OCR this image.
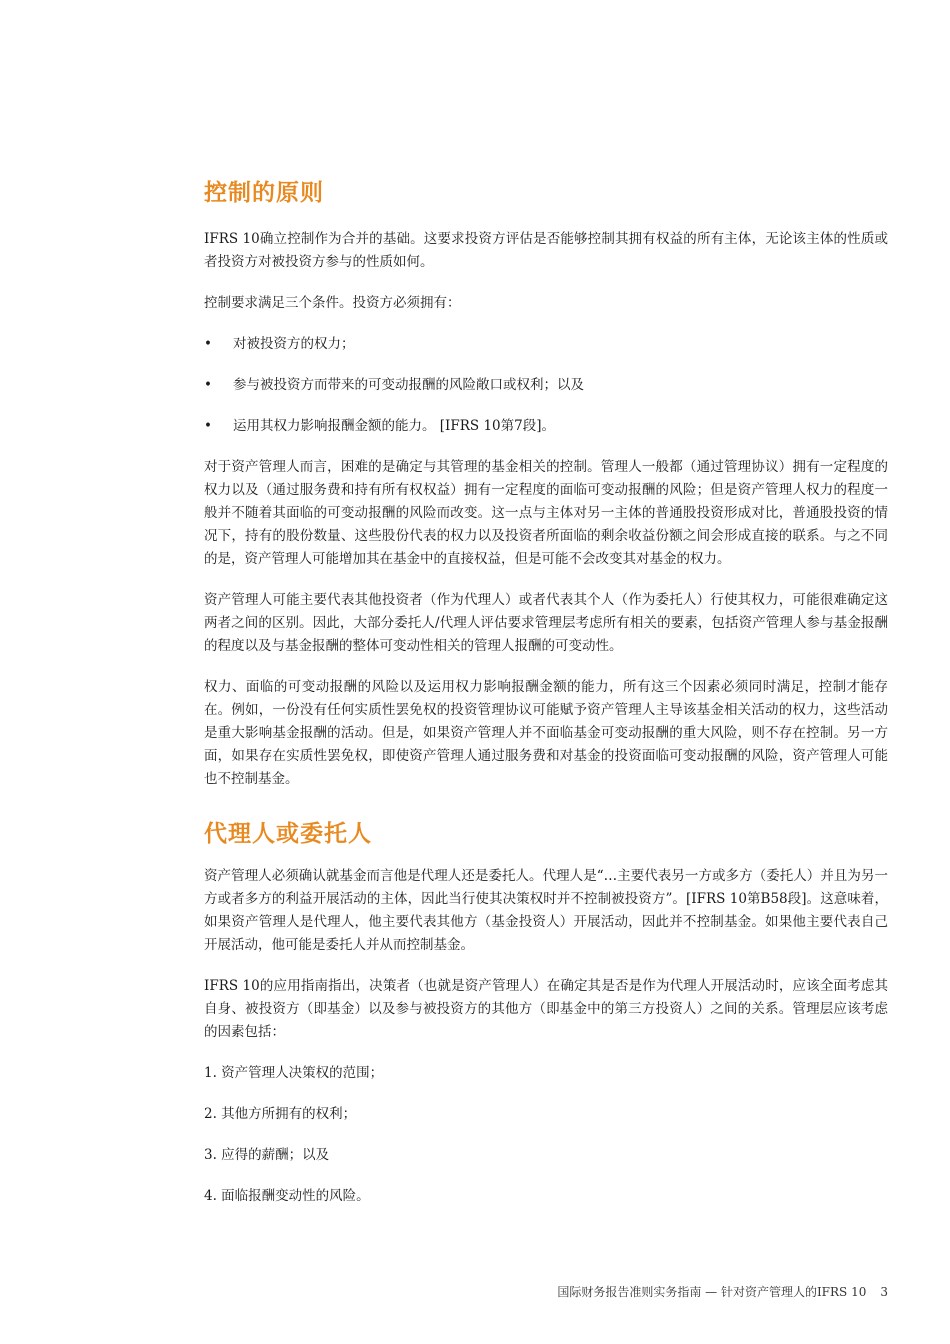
控制的原则

IFRS 10确立控制作为合并的基础。这要求投资方评估是否能够控制其拥有权益的所有主体，无论该主体的性质或者投资方对被投资方参与的性质如何。

控制要求满足三个条件。投资方必须拥有：

• 对被投资方的权力；
• 参与被投资方而带来的可变动报酬的风险敞口或权利；以及
• 运用其权力影响报酬金额的能力。 [IFRS 10第7段]。

对于资产管理人而言，困难的是确定与其管理的基金相关的控制。管理人一般都（通过管理协议）拥有一定程度的权力以及（通过服务费和持有所有权权益）拥有一定程度的面临可变动报酬的风险；但是资产管理人权力的程度一般并不随着其面临的可变动报酬的风险而改变。这一点与主体对另一主体的普通股投资形成对比，普通股投资的情况下，持有的股份数量、这些股份代表的权力以及投资者所面临的剩余收益份额之间会形成直接的联系。与之不同的是，资产管理人可能增加其在基金中的直接权益，但是可能不会改变其对基金的权力。

资产管理人可能主要代表其他投资者（作为代理人）或者代表其个人（作为委托人）行使其权力，可能很难确定这两者之间的区别。因此，大部分委托人/代理人评估要求管理层考虑所有相关的要素，包括资产管理人参与基金报酬的程度以及与基金报酬的整体可变动性相关的管理人报酬的可变动性。

权力、面临的可变动报酬的风险以及运用权力影响报酬金额的能力，所有这三个因素必须同时满足，控制才能存在。例如，一份没有任何实质性罢免权的投资管理协议可能赋予资产管理人主导该基金相关活动的权力，这些活动是重大影响基金报酬的活动。但是，如果资产管理人并不面临基金可变动报酬的重大风险，则不存在控制。另一方面，如果存在实质性罢免权，即使资产管理人通过服务费和对基金的投资面临可变动报酬的风险，资产管理人可能也不控制基金。

代理人或委托人

资产管理人必须确认就基金而言他是代理人还是委托人。代理人是“…主要代表另一方或多方（委托人）并且为另一方或者多方的利益开展活动的主体，因此当行使其决策权时并不控制被投资方”。[IFRS 10第B58段]。这意味着，如果资产管理人是代理人，他主要代表其他方（基金投资人）开展活动，因此并不控制基金。如果他主要代表自己开展活动，他可能是委托人并从而控制基金。

IFRS 10的应用指南指出，决策者（也就是资产管理人）在确定其是否是作为代理人开展活动时，应该全面考虑其自身、被投资方（即基金）以及参与被投资方的其他方（即基金中的第三方投资人）之间的关系。管理层应该考虑的因素包括：

1. 资产管理人决策权的范围；
2. 其他方所拥有的权利；
3. 应得的薪酬；以及
4. 面临报酬变动性的风险。
国际财务报告准则实务指南 — 针对资产管理人的IFRS 10 3
